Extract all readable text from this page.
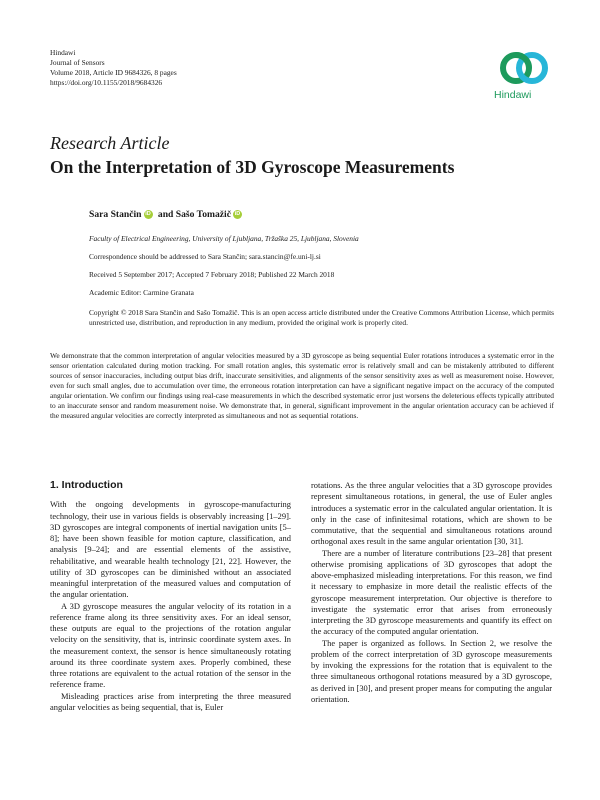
Hindawi
Journal of Sensors
Volume 2018, Article ID 9684326, 8 pages
https://doi.org/10.1155/2018/9684326
Hindawi
Research Article
On the Interpretation of 3D Gyroscope Measurements
Sara Stančin iD and Sašo Tomažič iD
Faculty of Electrical Engineering, University of Ljubljana, Tržaška 25, Ljubljana, Slovenia
Correspondence should be addressed to Sara Stančin; sara.stancin@fe.uni-lj.si
Received 5 September 2017; Accepted 7 February 2018; Published 22 March 2018
Academic Editor: Carmine Granata
Copyright © 2018 Sara Stančin and Sašo Tomažič. This is an open access article distributed under the Creative Commons Attribution License, which permits unrestricted use, distribution, and reproduction in any medium, provided the original work is properly cited.
We demonstrate that the common interpretation of angular velocities measured by a 3D gyroscope as being sequential Euler rotations introduces a systematic error in the sensor orientation calculated during motion tracking. For small rotation angles, this systematic error is relatively small and can be mistakenly attributed to different sources of sensor inaccuracies, including output bias drift, inaccurate sensitivities, and alignments of the sensor sensitivity axes as well as measurement noise. However, even for such small angles, due to accumulation over time, the erroneous rotation interpretation can have a significant negative impact on the accuracy of the computed angular orientation. We confirm our findings using real-case measurements in which the described systematic error just worsens the deleterious effects typically attributed to an inaccurate sensor and random measurement noise. We demonstrate that, in general, significant improvement in the angular orientation accuracy can be achieved if the measured angular velocities are correctly interpreted as simultaneous and not as sequential rotations.
1. Introduction

With the ongoing developments in gyroscope-manufacturing technology, their use in various fields is observably increasing [1–29]. 3D gyroscopes are integral components of inertial navigation units [5–8]; have been shown feasible for motion capture, classification, and analysis [9–24]; and are essential elements of the assistive, rehabilitative, and wearable health technology [21, 22]. However, the utility of 3D gyroscopes can be diminished without an associated meaningful interpretation of the measured values and computation of the angular orientation.

A 3D gyroscope measures the angular velocity of its rotation in a reference frame along its three sensitivity axes. For an ideal sensor, these outputs are equal to the projections of the rotation angular velocity on the sensitivity, that is, intrinsic coordinate system axes. In the measurement context, the sensor is hence simultaneously rotating around its three coordinate system axes. Properly combined, these three rotations are equivalent to the actual rotation of the sensor in the reference frame.

Misleading practices arise from interpreting the three measured angular velocities as being sequential, that is, Euler

rotations. As the three angular velocities that a 3D gyroscope provides represent simultaneous rotations, in general, the use of Euler angles introduces a systematic error in the calculated angular orientation. It is only in the case of infinitesimal rotations, which are shown to be commutative, that the sequential and simultaneous rotations around orthogonal axes result in the same angular orientation [30, 31].

There are a number of literature contributions [23–28] that present otherwise promising applications of 3D gyroscopes that adopt the above-emphasized misleading interpretations. For this reason, we find it necessary to emphasize in more detail the realistic effects of the gyroscope measurement interpretation. Our objective is therefore to investigate the systematic error that arises from erroneously interpreting the 3D gyroscope measurements and quantify its effect on the accuracy of the computed angular orientation.

The paper is organized as follows. In Section 2, we resolve the problem of the correct interpretation of 3D gyroscope measurements by invoking the expressions for the rotation that is equivalent to the three simultaneous orthogonal rotations measured by a 3D gyroscope, as derived in [30], and present proper means for computing the angular orientation.
